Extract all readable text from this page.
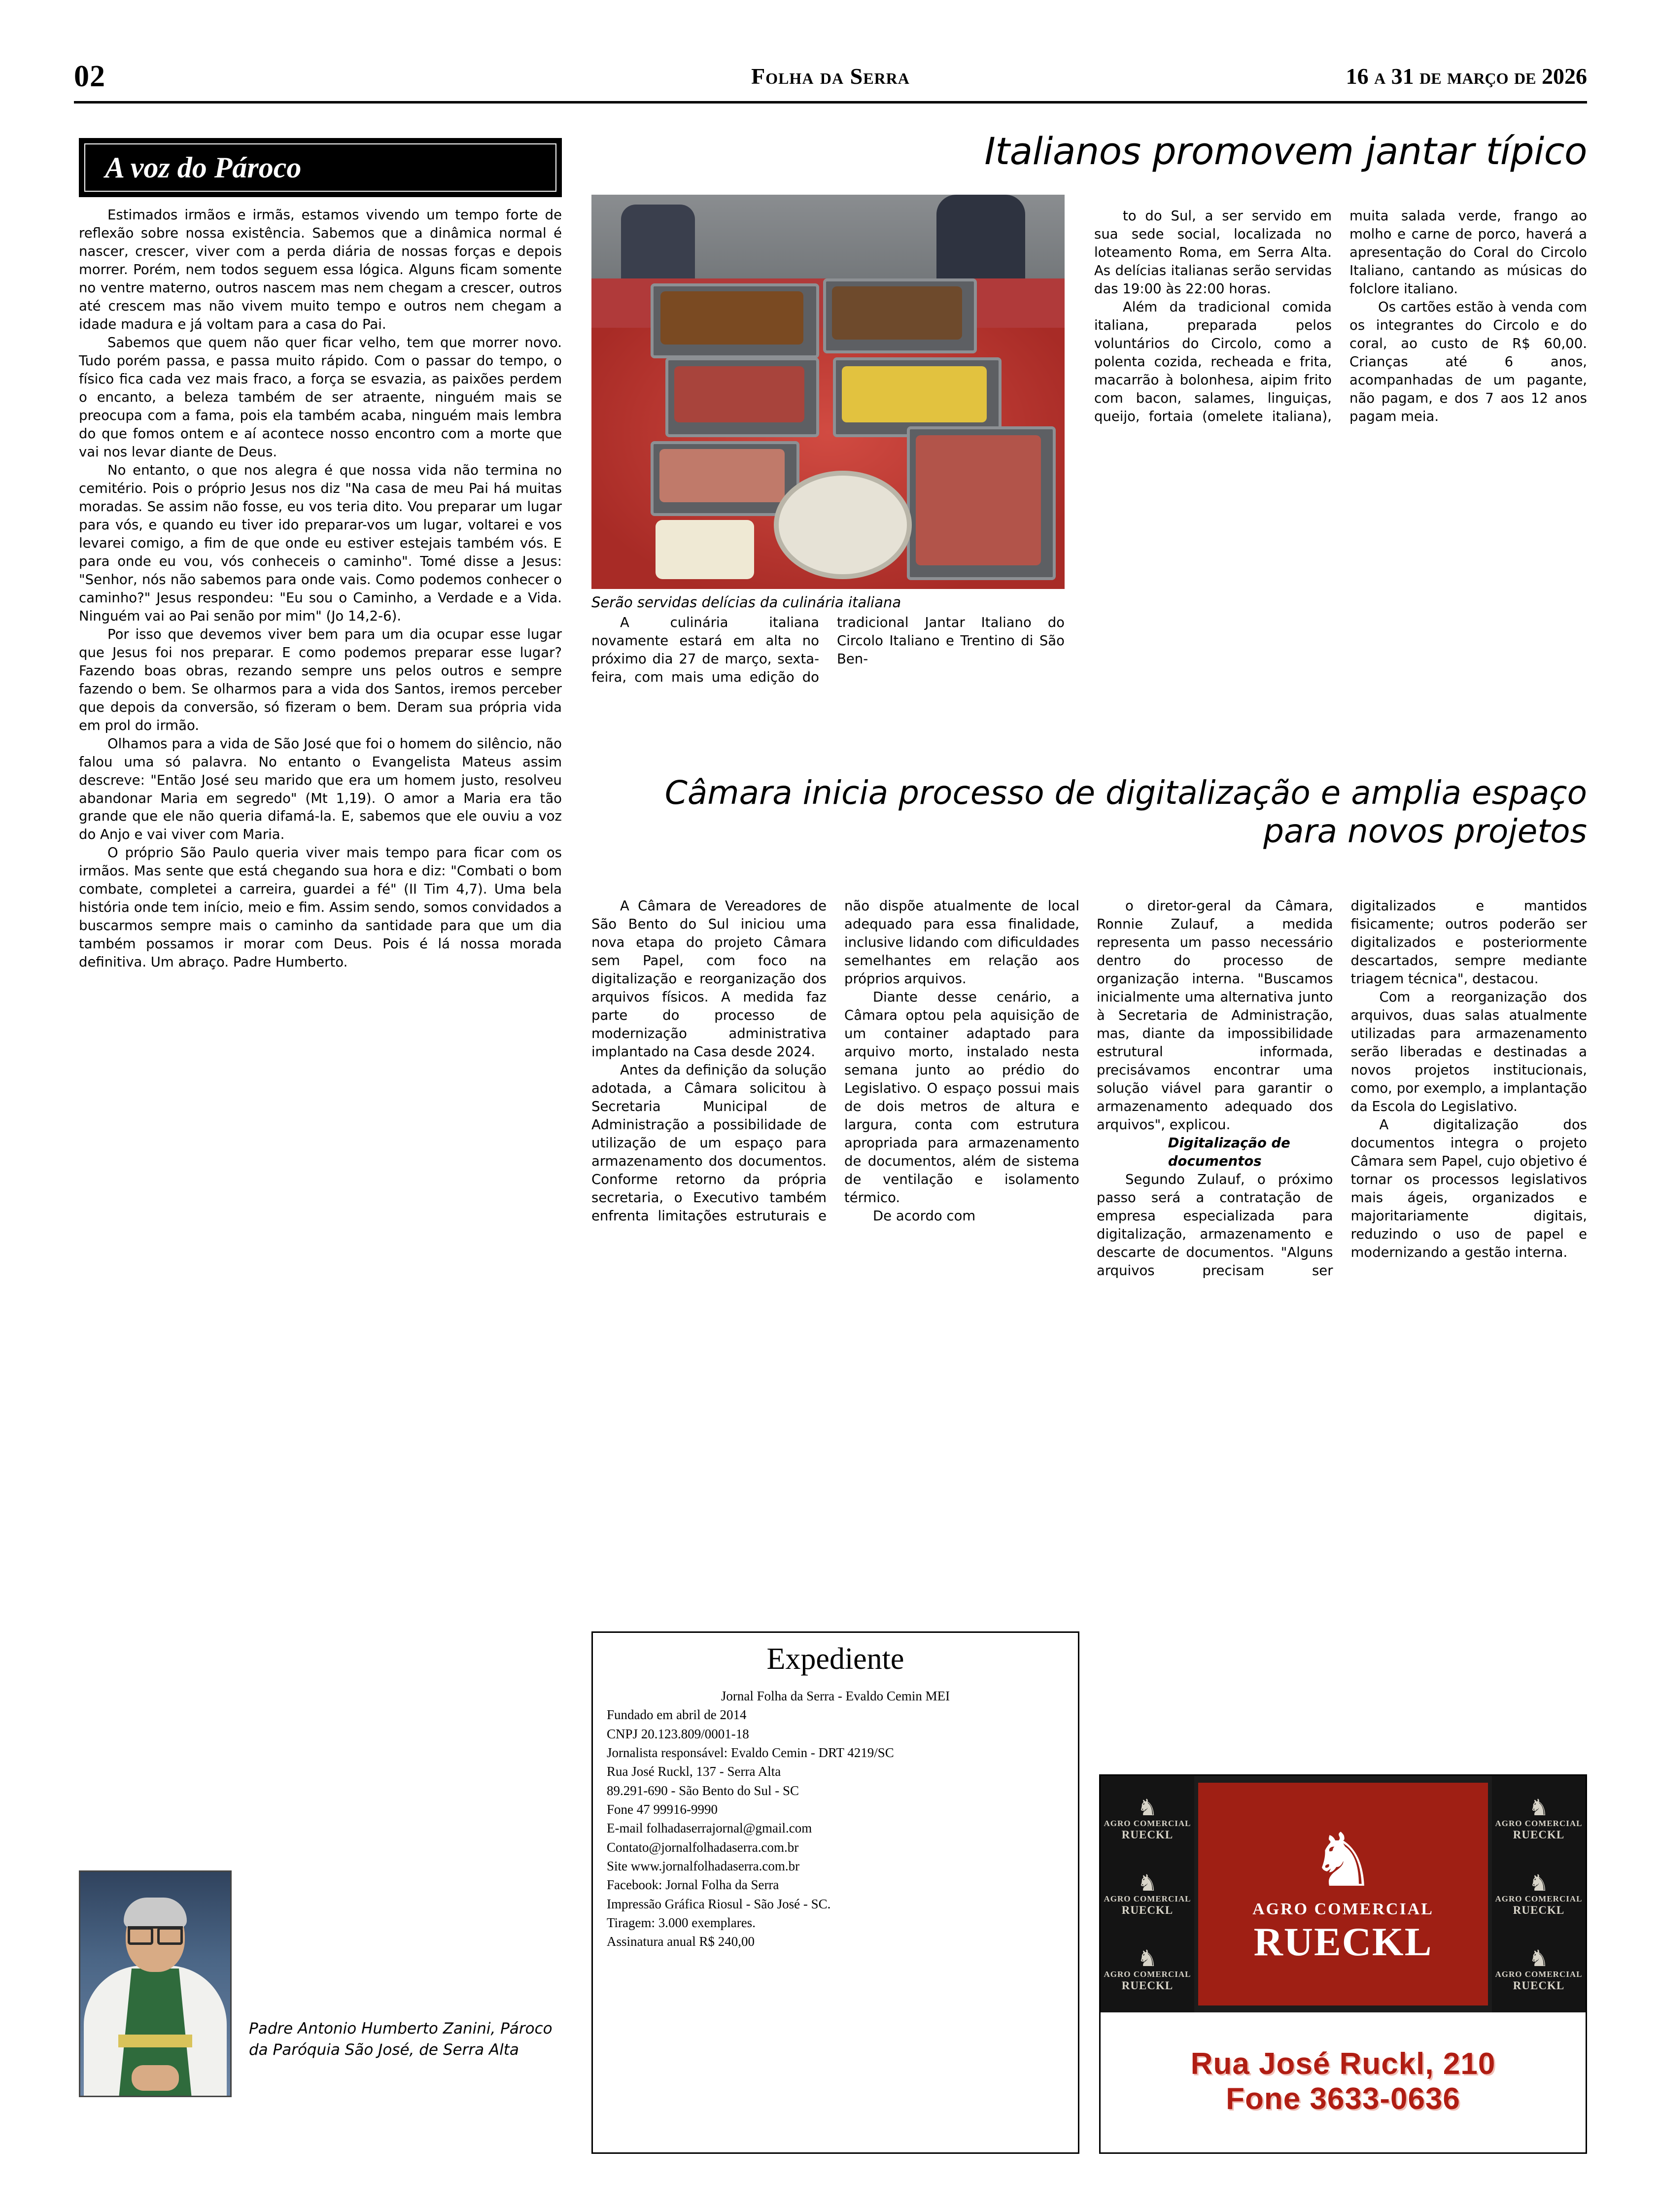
02	Folha da Serra	16 a 31 de março de 2026
A voz do Pároco

Estimados irmãos e irmãs, estamos vivendo um tempo forte de reflexão sobre nossa existência. Sabemos que a dinâmica normal é nascer, crescer, viver com a perda diária de nossas forças e depois morrer. Porém, nem todos seguem essa lógica. Alguns ficam somente no ventre materno, outros nascem mas nem chegam a crescer, outros até crescem mas não vivem muito tempo e outros nem chegam a idade madura e já voltam para a casa do Pai.

Sabemos que quem não quer ficar velho, tem que morrer novo. Tudo porém passa, e passa muito rápido. Com o passar do tempo, o físico fica cada vez mais fraco, a força se esvazia, as paixões perdem o encanto, a beleza também de ser atraente, ninguém mais se preocupa com a fama, pois ela também acaba, ninguém mais lembra do que fomos ontem e aí acontece nosso encontro com a morte que vai nos levar diante de Deus.

No entanto, o que nos alegra é que nossa vida não termina no cemitério. Pois o próprio Jesus nos diz "Na casa de meu Pai há muitas moradas. Se assim não fosse, eu vos teria dito. Vou preparar um lugar para vós, e quando eu tiver ido preparar-vos um lugar, voltarei e vos levarei comigo, a fim de que onde eu estiver estejais também vós. E para onde eu vou, vós conheceis o caminho". Tomé disse a Jesus: "Senhor, nós não sabemos para onde vais. Como podemos conhecer o caminho?" Jesus respondeu: "Eu sou o Caminho, a Verdade e a Vida. Ninguém vai ao Pai senão por mim" (Jo 14,2-6).

Por isso que devemos viver bem para um dia ocupar esse lugar que Jesus foi nos preparar. E como podemos preparar esse lugar? Fazendo boas obras, rezando sempre uns pelos outros e sempre fazendo o bem. Se olharmos para a vida dos Santos, iremos perceber que depois da conversão, só fizeram o bem. Deram sua própria vida em prol do irmão.

Olhamos para a vida de São José que foi o homem do silêncio, não falou uma só palavra. No entanto o Evangelista Mateus assim descreve: "Então José seu marido que era um homem justo, resolveu abandonar Maria em segredo" (Mt 1,19). O amor a Maria era tão grande que ele não queria difamá-la. E, sabemos que ele ouviu a voz do Anjo e vai viver com Maria.

O próprio São Paulo queria viver mais tempo para ficar com os irmãos. Mas sente que está chegando sua hora e diz: "Combati o bom combate, completei a carreira, guardei a fé" (II Tim 4,7). Uma bela história onde tem início, meio e fim. Assim sendo, somos convidados a buscarmos sempre mais o caminho da santidade para que um dia também possamos ir morar com Deus. Pois é lá nossa morada definitiva. Um abraço. Padre Humberto.

Padre Antonio Humberto Zanini, Pároco da Paróquia São José, de Serra Alta
Italianos promovem jantar típico
Serão servidas delícias da culinária italiana

A culinária italiana novamente estará em alta no próximo dia 27 de março, sexta-feira, com mais uma edição do tradicional Jantar Italiano do Circolo Italiano e Trentino di São Ben-

to do Sul, a ser servido em sua sede social, localizada no loteamento Roma, em Serra Alta. As delícias italianas serão servidas das 19:00 às 22:00 horas.

Além da tradicional comida italiana, preparada pelos voluntários do Circolo, como a polenta cozida, recheada e frita, macarrão à bolonhesa, aipim frito com bacon, salames, linguiças, queijo, fortaia (omelete italiana), muita salada verde, frango ao molho e carne de porco, haverá a apresentação do Coral do Circolo Italiano, cantando as músicas do folclore italiano.

Os cartões estão à venda com os integrantes do Circolo e do coral, ao custo de R$ 60,00. Crianças até 6 anos, acompanhadas de um pagante, não pagam, e dos 7 aos 12 anos pagam meia.

Câmara inicia processo de digitalização e amplia espaço para novos projetos

A Câmara de Vereadores de São Bento do Sul iniciou uma nova etapa do projeto Câmara sem Papel, com foco na digitalização e reorganização dos arquivos físicos. A medida faz parte do processo de modernização administrativa implantado na Casa desde 2024.

Antes da definição da solução adotada, a Câmara solicitou à Secretaria Municipal de Administração a possibilidade de utilização de um espaço para armazenamento dos documentos. Conforme retorno da própria secretaria, o Executivo também enfrenta limitações estruturais e não dispõe atualmente de local adequado para essa finalidade, inclusive lidando com dificuldades semelhantes em relação aos próprios arquivos.

Diante desse cenário, a Câmara optou pela aquisição de um container adaptado para arquivo morto, instalado nesta semana junto ao prédio do Legislativo. O espaço possui mais de dois metros de altura e largura, conta com estrutura apropriada para armazenamento de documentos, além de sistema de ventilação e isolamento térmico.

De acordo com

o diretor-geral da Câmara, Ronnie Zulauf, a medida representa um passo necessário dentro do processo de organização interna. "Buscamos inicialmente uma alternativa junto à Secretaria de Administração, mas, diante da impossibilidade estrutural informada, precisávamos encontrar uma solução viável para garantir o armazenamento adequado dos arquivos", explicou.

Digitalização de documentos

Segundo Zulauf, o próximo passo será a contratação de empresa especializada para digitalização, armazenamento e descarte de documentos. "Alguns arquivos precisam ser digitalizados e mantidos fisicamente; outros poderão ser digitalizados e posteriormente descartados, sempre mediante triagem técnica", destacou.

Com a reorganização dos arquivos, duas salas atualmente utilizadas para armazenamento serão liberadas e destinadas a novos projetos institucionais, como, por exemplo, a implantação da Escola do Legislativo.

A digitalização dos documentos integra o projeto Câmara sem Papel, cujo objetivo é tornar os processos legislativos mais ágeis, organizados e majoritariamente digitais, reduzindo o uso de papel e modernizando a gestão interna.

Expediente
Jornal Folha da Serra - Evaldo Cemin MEI
Fundado em abril de 2014
CNPJ 20.123.809/0001-18
Jornalista responsável: Evaldo Cemin - DRT 4219/SC
Rua José Ruckl, 137 - Serra Alta
89.291-690 - São Bento do Sul - SC
Fone 47 99916-9990
E-mail folhadaserrajornal@gmail.com
Contato@jornalfolhadaserra.com.br
Site www.jornalfolhadaserra.com.br
Facebook: Jornal Folha da Serra
Impressão Gráfica Riosul - São José - SC.
Tiragem: 3.000 exemplares.
Assinatura anual R$ 240,00
♞
AGRO COMERCIAL
RUECKL
♞
AGRO COMERCIAL
RUECKL
♞
AGRO COMERCIAL
RUECKL
♞
AGRO COMERCIAL
RUECKL
♞
AGRO COMERCIAL
RUECKL
♞
AGRO COMERCIAL
RUECKL
♞
AGRO COMERCIAL
RUECKL
Rua José Ruckl, 210
Fone 3633-0636
